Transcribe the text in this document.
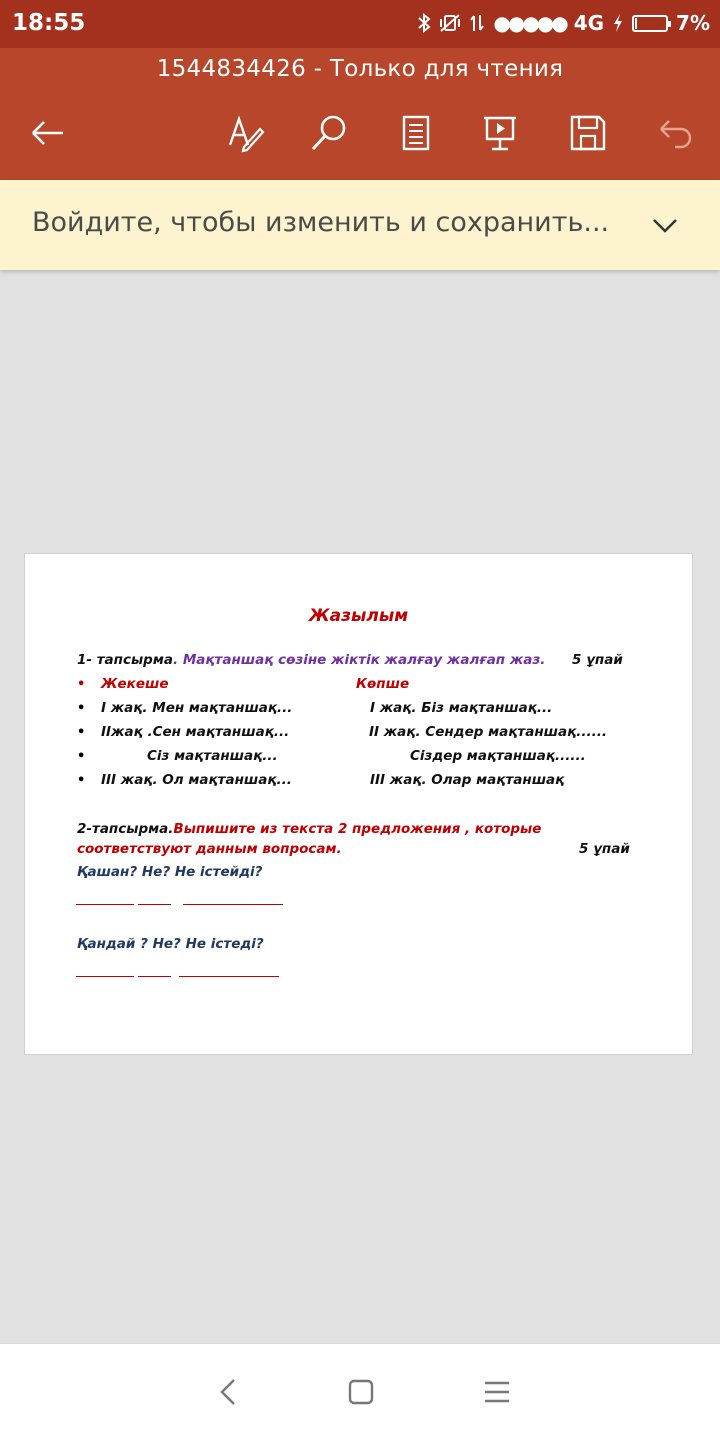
18:55	●●●●● 4G	7%
1544834426 - Только для чтения
Войдите, чтобы изменить и сохранить...
Жазылым
1- тапсырма. Мақтаншақ сөзіне жіктік жалғау жалғап жаз. 5 ұпай
• Жекеше	Көпше
• І жақ. Мен мақтаншақ...	І жақ. Біз мақтаншақ...
• ІІжақ .Сен мақтаншақ...	ІІ жақ. Сендер мақтаншақ......
•	Сіз мақтаншақ...	Сіздер мақтаншақ......
• ІІІ жақ. Ол мақтаншақ...	ІІІ жақ. Олар мақтаншақ
2-тапсырма.Выпишите из текста 2 предложения , которые
соответствуют данным вопросам.	5 ұпай
Қашан? Не? Не істейді?
Қандай ? Не? Не істеді?
